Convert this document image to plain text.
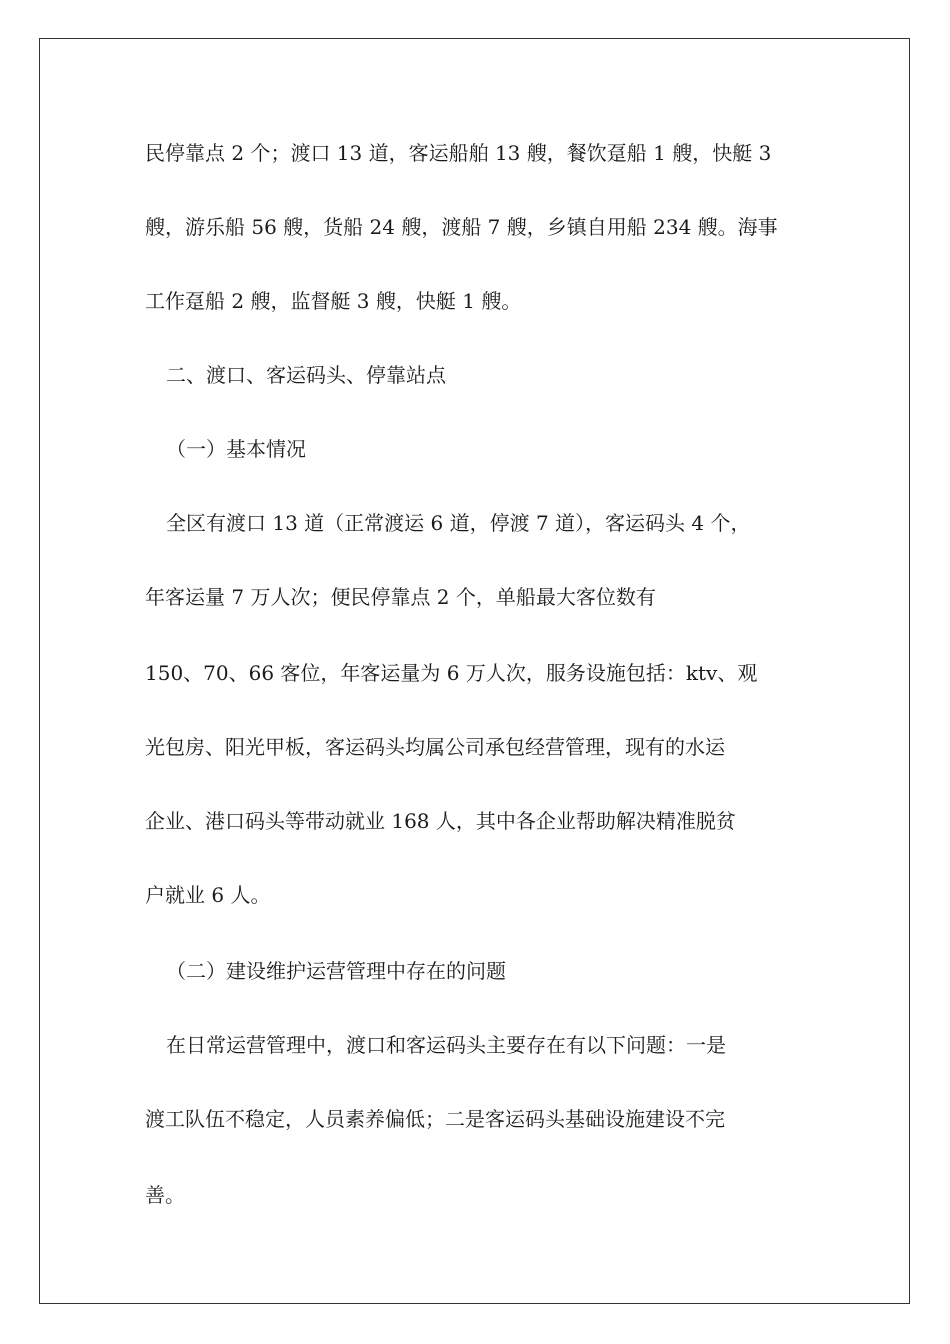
民停靠点 2 个；渡口 13 道，客运船舶 13 艘，餐饮趸船 1 艘，快艇 3

艘，游乐船 56 艘，货船 24 艘，渡船 7 艘，乡镇自用船 234 艘。海事

工作趸船 2 艘，监督艇 3 艘，快艇 1 艘。

二、渡口、客运码头、停靠站点

（一）基本情况

全区有渡口 13 道（正常渡运 6 道，停渡 7 道），客运码头 4 个，

年客运量 7 万人次；便民停靠点 2 个，单船最大客位数有

150、70、66 客位，年客运量为 6 万人次，服务设施包括：ktv、观

光包房、阳光甲板，客运码头均属公司承包经营管理，现有的水运

企业、港口码头等带动就业 168 人，其中各企业帮助解决精准脱贫

户就业 6 人。

（二）建设维护运营管理中存在的问题

在日常运营管理中，渡口和客运码头主要存在有以下问题：一是

渡工队伍不稳定，人员素养偏低；二是客运码头基础设施建设不完

善。
